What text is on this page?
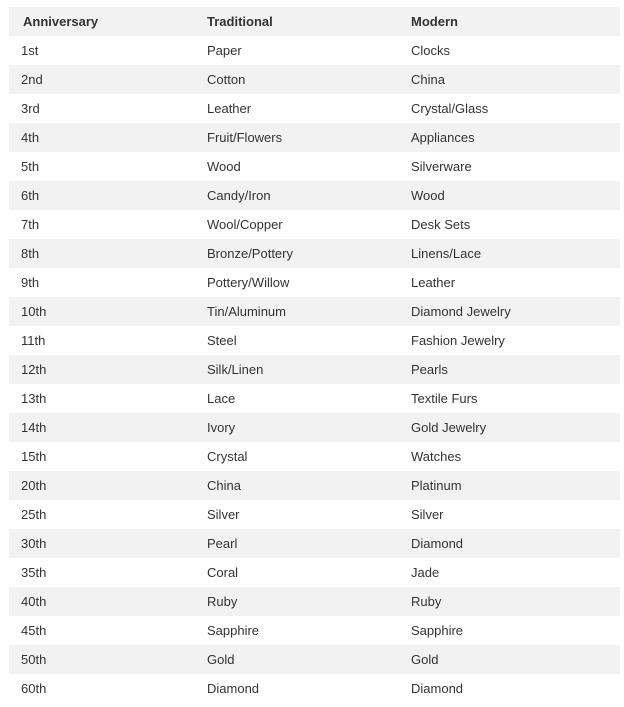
Anniversary	Traditional	Modern
1st	Paper	Clocks
2nd	Cotton	China
3rd	Leather	Crystal/Glass
4th	Fruit/Flowers	Appliances
5th	Wood	Silverware
6th	Candy/Iron	Wood
7th	Wool/Copper	Desk Sets
8th	Bronze/Pottery	Linens/Lace
9th	Pottery/Willow	Leather
10th	Tin/Aluminum	Diamond Jewelry
11th	Steel	Fashion Jewelry
12th	Silk/Linen	Pearls
13th	Lace	Textile Furs
14th	Ivory	Gold Jewelry
15th	Crystal	Watches
20th	China	Platinum
25th	Silver	Silver
30th	Pearl	Diamond
35th	Coral	Jade
40th	Ruby	Ruby
45th	Sapphire	Sapphire
50th	Gold	Gold
60th	Diamond	Diamond
